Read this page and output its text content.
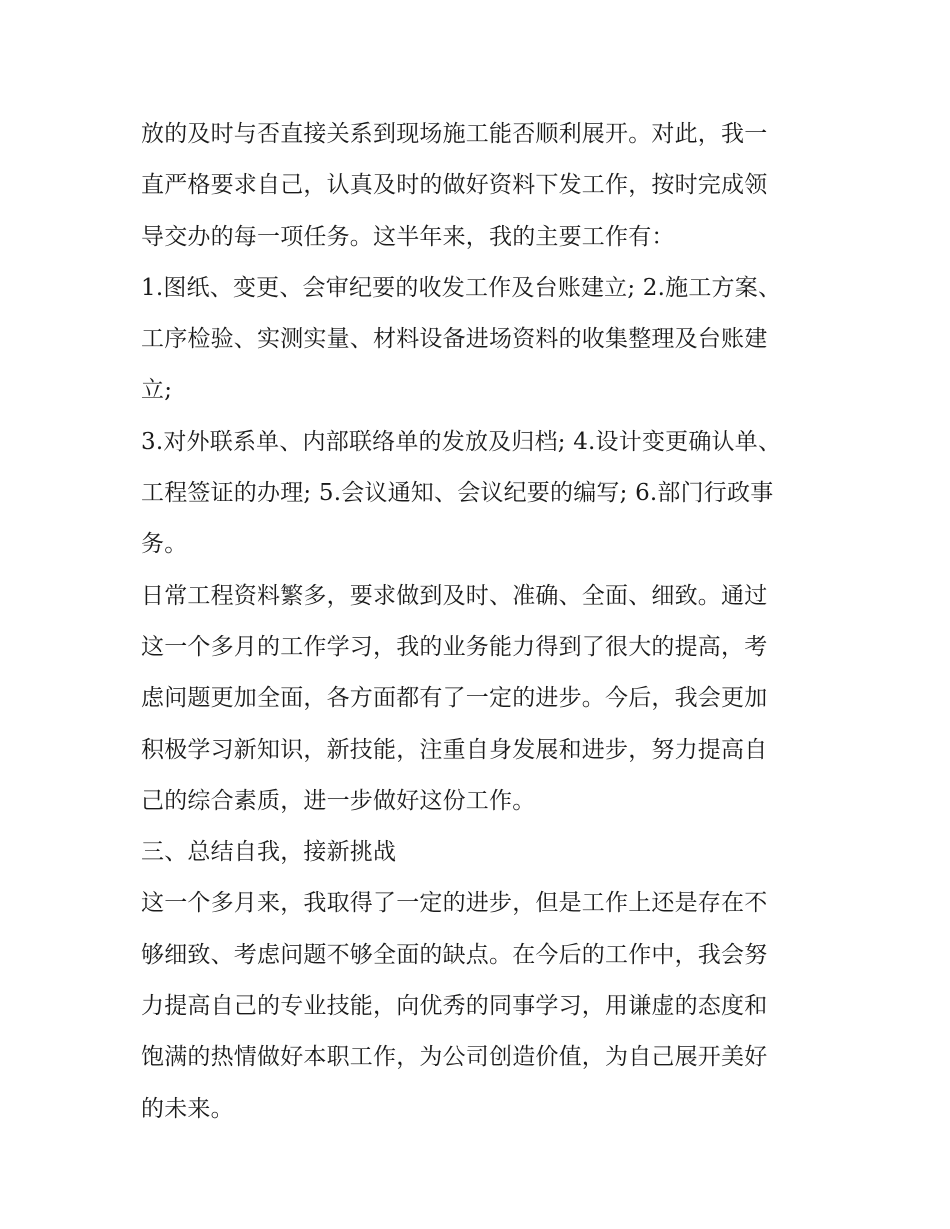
放的及时与否直接关系到现场施工能否顺利展开。对此，我一
直严格要求自己，认真及时的做好资料下发工作，按时完成领
导交办的每一项任务。这半年来，我的主要工作有：
1.图纸、变更、会审纪要的收发工作及台账建立; 2.施工方案、
工序检验、实测实量、材料设备进场资料的收集整理及台账建
立;
3.对外联系单、内部联络单的发放及归档; 4.设计变更确认单、
工程签证的办理; 5.会议通知、会议纪要的编写; 6.部门行政事
务。
日常工程资料繁多，要求做到及时、准确、全面、细致。通过
这一个多月的工作学习，我的业务能力得到了很大的提高，考
虑问题更加全面，各方面都有了一定的进步。今后，我会更加
积极学习新知识，新技能，注重自身发展和进步，努力提高自
己的综合素质，进一步做好这份工作。
三、总结自我，接新挑战
这一个多月来，我取得了一定的进步，但是工作上还是存在不
够细致、考虑问题不够全面的缺点。在今后的工作中，我会努
力提高自己的专业技能，向优秀的同事学习，用谦虚的态度和
饱满的热情做好本职工作，为公司创造价值，为自己展开美好
的未来。
